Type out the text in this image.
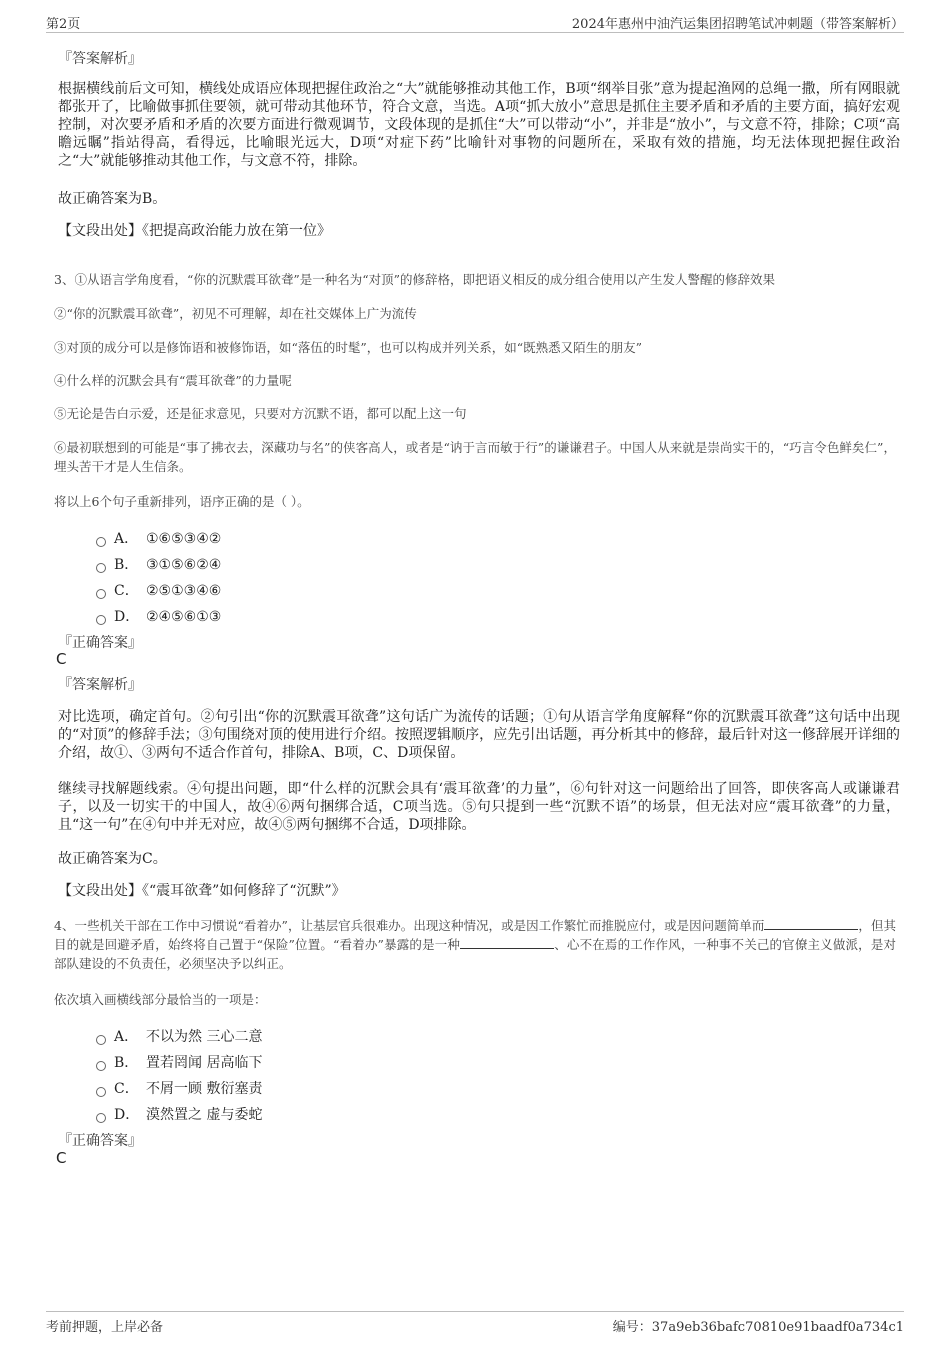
第2页	2024年惠州中油汽运集团招聘笔试冲刺题（带答案解析）
『答案解析』
根据横线前后文可知，横线处成语应体现把握住政治之“大”就能够推动其他工作，B项“纲举目张”意为提起渔网的总绳一撒，所有网眼就都张开了，比喻做事抓住要领，就可带动其他环节，符合文意，当选。A项“抓大放小”意思是抓住主要矛盾和矛盾的主要方面，搞好宏观控制，对次要矛盾和矛盾的次要方面进行微观调节，文段体现的是抓住“大”可以带动“小”，并非是“放小”，与文意不符，排除；C项“高瞻远瞩”指站得高，看得远，比喻眼光远大，D项“对症下药”比喻针对事物的问题所在，采取有效的措施，均无法体现把握住政治之“大”就能够推动其他工作，与文意不符，排除。
故正确答案为B。
【文段出处】《把提高政治能力放在第一位》
3、①从语言学角度看，“你的沉默震耳欲聋”是一种名为“对顶”的修辞格，即把语义相反的成分组合使用以产生发人警醒的修辞效果
②“你的沉默震耳欲聋”，初见不可理解，却在社交媒体上广为流传
③对顶的成分可以是修饰语和被修饰语，如“落伍的时髦”，也可以构成并列关系，如“既熟悉又陌生的朋友”
④什么样的沉默会具有“震耳欲聋”的力量呢
⑤无论是告白示爱，还是征求意见，只要对方沉默不语，都可以配上这一句
⑥最初联想到的可能是“事了拂衣去，深藏功与名”的侠客高人，或者是“讷于言而敏于行”的谦谦君子。中国人从来就是崇尚实干的，“巧言令色鲜矣仁”，埋头苦干才是人生信条。
将以上6个句子重新排列，语序正确的是（ ）。
A． ①⑥⑤③④②
B． ③①⑤⑥②④
C． ②⑤①③④⑥
D． ②④⑤⑥①③
『正确答案』
C
『答案解析』
对比选项，确定首句。②句引出“你的沉默震耳欲聋”这句话广为流传的话题；①句从语言学角度解释“你的沉默震耳欲聋”这句话中出现的“对顶”的修辞手法；③句围绕对顶的使用进行介绍。按照逻辑顺序，应先引出话题，再分析其中的修辞，最后针对这一修辞展开详细的介绍，故①、③两句不适合作首句，排除A、B项，C、D项保留。
继续寻找解题线索。④句提出问题，即“什么样的沉默会具有‘震耳欲聋’的力量”，⑥句针对这一问题给出了回答，即侠客高人或谦谦君子，以及一切实干的中国人，故④⑥两句捆绑合适，C项当选。⑤句只提到一些“沉默不语”的场景，但无法对应“震耳欲聋”的力量，且“这一句”在④句中并无对应，故④⑤两句捆绑不合适，D项排除。
故正确答案为C。
【文段出处】《“震耳欲聋”如何修辞了“沉默”》
4、一些机关干部在工作中习惯说“看着办”，让基层官兵很难办。出现这种情况，或是因工作繁忙而推脱应付，或是因问题简单而	，但其目的就是回避矛盾，始终将自己置于“保险”位置。“看着办”暴露的是一种	、心不在焉的工作作风，一种事不关己的官僚主义做派，是对部队建设的不负责任，必须坚决予以纠正。
依次填入画横线部分最恰当的一项是：
A． 不以为然 三心二意
B． 置若罔闻 居高临下
C． 不屑一顾 敷衍塞责
D． 漠然置之 虚与委蛇
『正确答案』
C
考前押题，上岸必备	编号：37a9eb36bafc70810e91baadf0a734c1
